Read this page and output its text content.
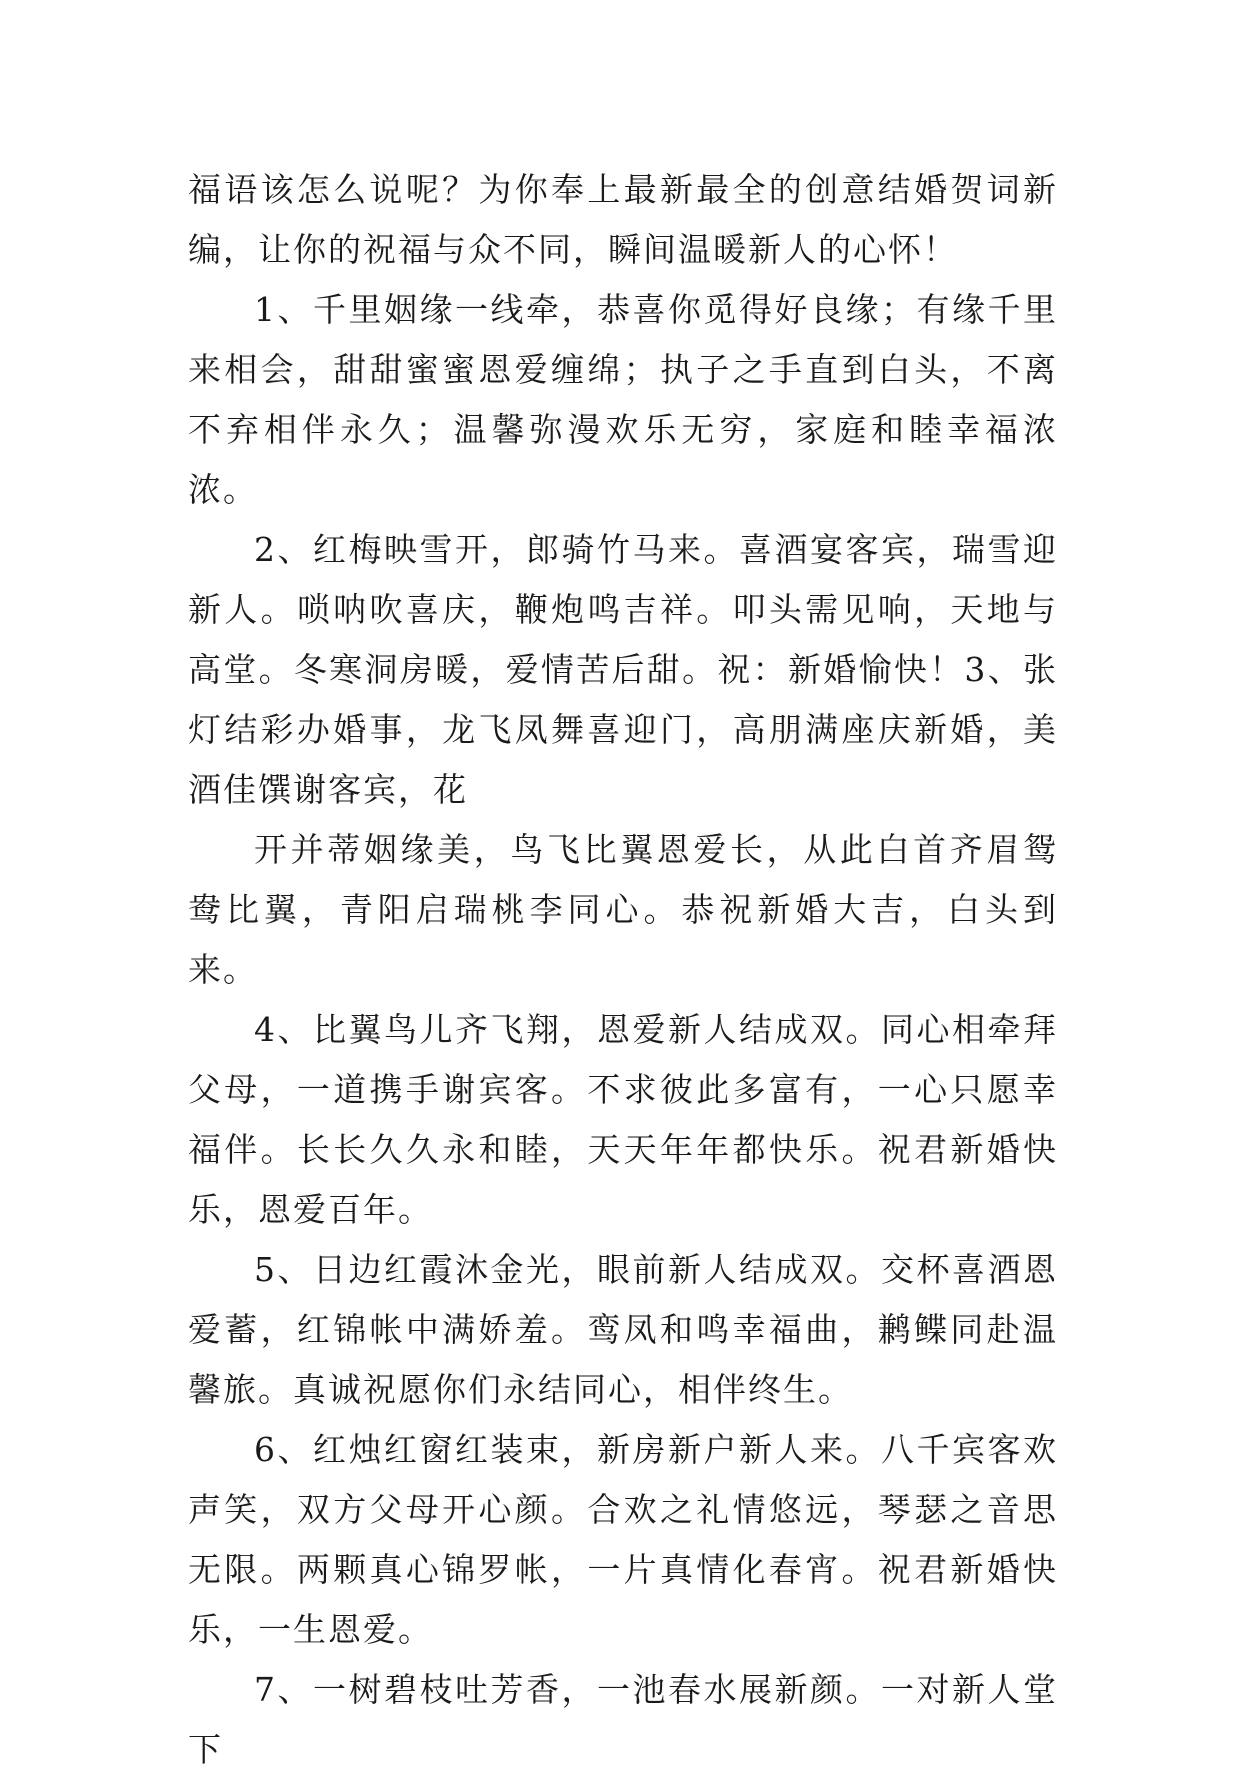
福语该怎么说呢？为你奉上最新最全的创意结婚贺词新编，让你的祝福与众不同，瞬间温暖新人的心怀！

1、千里姻缘一线牵，恭喜你觅得好良缘；有缘千里来相会，甜甜蜜蜜恩爱缠绵；执子之手直到白头，不离不弃相伴永久；温馨弥漫欢乐无穷，家庭和睦幸福浓浓。

2、红梅映雪开，郎骑竹马来。喜酒宴客宾，瑞雪迎新人。唢呐吹喜庆，鞭炮鸣吉祥。叩头需见响，天地与高堂。冬寒洞房暖，爱情苦后甜。祝：新婚愉快！3、张灯结彩办婚事，龙飞凤舞喜迎门，高朋满座庆新婚，美酒佳馔谢客宾，花

开并蒂姻缘美，鸟飞比翼恩爱长，从此白首齐眉鸳鸯比翼，青阳启瑞桃李同心。恭祝新婚大吉，白头到来。

4、比翼鸟儿齐飞翔，恩爱新人结成双。同心相牵拜父母，一道携手谢宾客。不求彼此多富有，一心只愿幸福伴。长长久久永和睦，天天年年都快乐。祝君新婚快乐，恩爱百年。

5、日边红霞沐金光，眼前新人结成双。交杯喜酒恩爱蓄，红锦帐中满娇羞。鸾凤和鸣幸福曲，鹣鲽同赴温馨旅。真诚祝愿你们永结同心，相伴终生。

6、红烛红窗红装束，新房新户新人来。八千宾客欢声笑，双方父母开心颜。合欢之礼情悠远，琴瑟之音思无限。两颗真心锦罗帐，一片真情化春宵。祝君新婚快乐，一生恩爱。

7、一树碧枝吐芳香，一池春水展新颜。一对新人堂下
